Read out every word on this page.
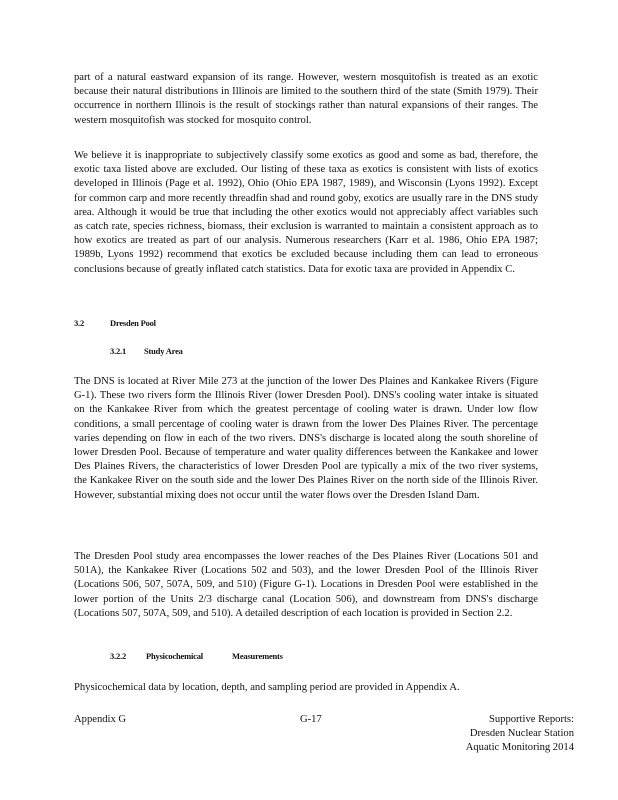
part of a natural eastward expansion of its range. However, western mosquitofish is treated as an exotic because their natural distributions in Illinois are limited to the southern third of the state (Smith 1979). Their occurrence in northern Illinois is the result of stockings rather than natural expansions of their ranges. The western mosquitofish was stocked for mosquito control.

We believe it is inappropriate to subjectively classify some exotics as good and some as bad, therefore, the exotic taxa listed above are excluded. Our listing of these taxa as exotics is consistent with lists of exotics developed in Illinois (Page et al. 1992), Ohio (Ohio EPA 1987, 1989), and Wisconsin (Lyons 1992). Except for common carp and more recently threadfin shad and round goby, exotics are usually rare in the DNS study area. Although it would be true that including the other exotics would not appreciably affect variables such as catch rate, species richness, biomass, their exclusion is warranted to maintain a consistent approach as to how exotics are treated as part of our analysis. Numerous researchers (Karr et al. 1986, Ohio EPA 1987; 1989b, Lyons 1992) recommend that exotics be excluded because including them can lead to erroneous conclusions because of greatly inflated catch statistics. Data for exotic taxa are provided in Appendix C.

3.2	Dresden Pool
3.2.1 Study Area

The DNS is located at River Mile 273 at the junction of the lower Des Plaines and Kankakee Rivers (Figure G-1). These two rivers form the Illinois River (lower Dresden Pool). DNS's cooling water intake is situated on the Kankakee River from which the greatest percentage of cooling water is drawn. Under low flow conditions, a small percentage of cooling water is drawn from the lower Des Plaines River. The percentage varies depending on flow in each of the two rivers. DNS's discharge is located along the south shoreline of lower Dresden Pool. Because of temperature and water quality differences between the Kankakee and lower Des Plaines Rivers, the characteristics of lower Dresden Pool are typically a mix of the two river systems, the Kankakee River on the south side and the lower Des Plaines River on the north side of the Illinois River. However, substantial mixing does not occur until the water flows over the Dresden Island Dam.

The Dresden Pool study area encompasses the lower reaches of the Des Plaines River (Locations 501 and 501A), the Kankakee River (Locations 502 and 503), and the lower Dresden Pool of the Illinois River (Locations 506, 507, 507A, 509, and 510) (Figure G-1). Locations in Dresden Pool were established in the lower portion of the Units 2/3 discharge canal (Location 506), and downstream from DNS's discharge (Locations 507, 507A, 509, and 510). A detailed description of each location is provided in Section 2.2.

3.2.2 Physicochemical	Measurements

Physicochemical data by location, depth, and sampling period are provided in Appendix A.

Appendix G	G-17	Supportive Reports:
Dresden Nuclear Station
Aquatic Monitoring 2014
